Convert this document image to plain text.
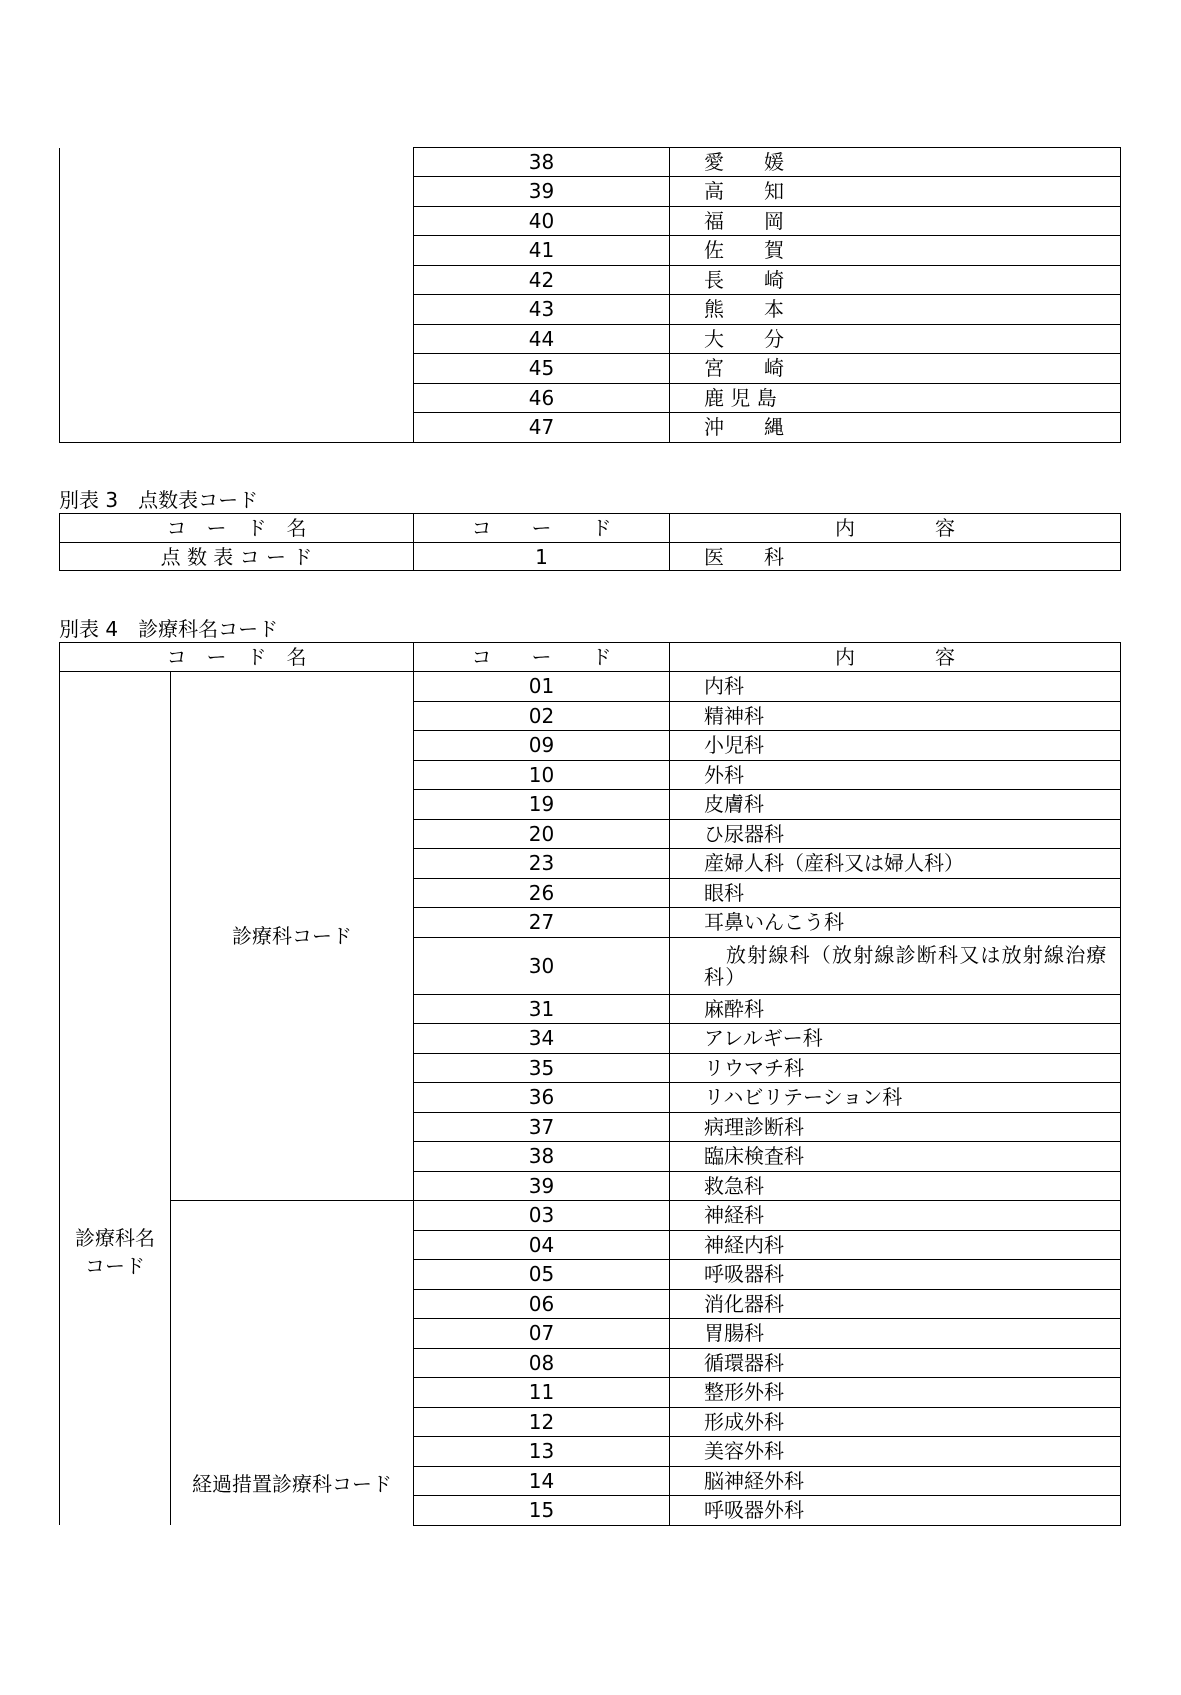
	38	愛　　媛
	39	高　　知
	40	福　　岡
	41	佐　　賀
	42	長　　崎
	43	熊　　本
	44	大　　分
	45	宮　　崎
	46	鹿 児 島
	47	沖　　縄
別表 3　点数表コード
コ　ー　ド　名	コ　　ー　　ド	内　　　　容
点 数 表 コ ー ド	1	医　　科
別表 4　診療科名コード
コ　ー　ド　名		コ　　ー　　ド	内　　　　容
診療科名
コード	診療科コード	01	内科
		02	精神科
		09	小児科
		10	外科
		19	皮膚科
		20	ひ尿器科
		23	産婦人科（産科又は婦人科）
		26	眼科
		27	耳鼻いんこう科
		30	放射線科（放射線診断科又は放射線治療科）
		31	麻酔科
		34	アレルギー科
		35	リウマチ科
		36	リハビリテーション科
		37	病理診断科
		38	臨床検査科
		39	救急科
	経過措置診療科コード	03	神経科
		04	神経内科
		05	呼吸器科
		06	消化器科
		07	胃腸科
		08	循環器科
		11	整形外科
		12	形成外科
		13	美容外科
		14	脳神経外科
		15	呼吸器外科
